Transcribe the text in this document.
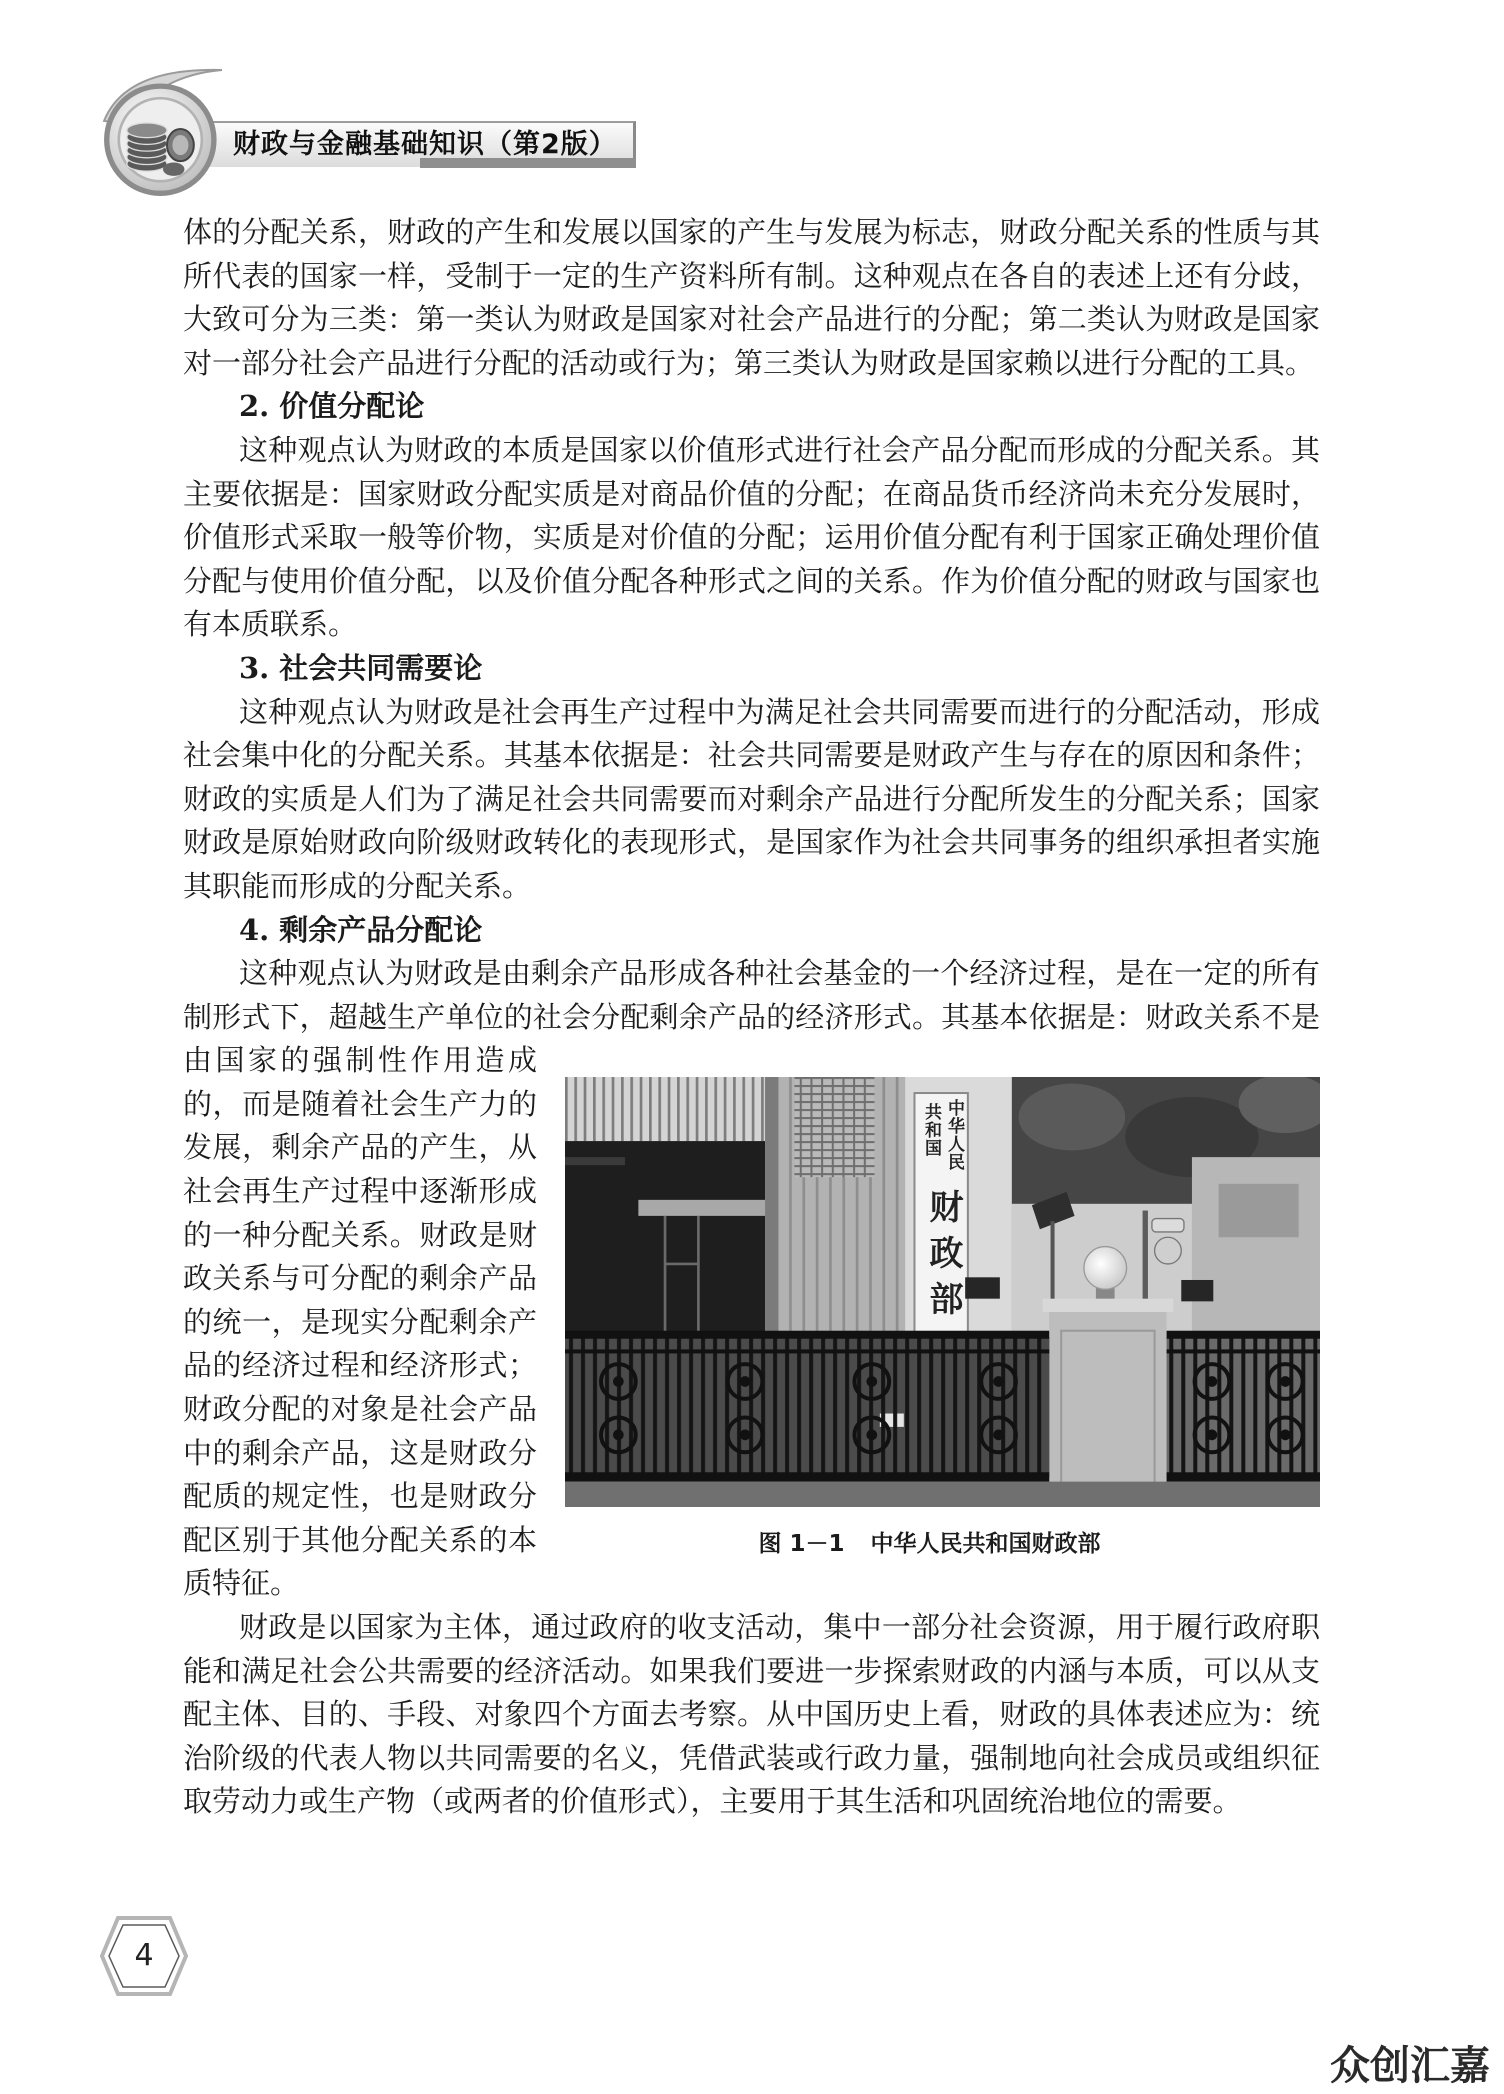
财政与金融基础知识（第2版）
体的分配关系，财政的产生和发展以国家的产生与发展为标志，财政分配关系的性质与其
所代表的国家一样，受制于一定的生产资料所有制。这种观点在各自的表述上还有分歧，
大致可分为三类：第一类认为财政是国家对社会产品进行的分配；第二类认为财政是国家
对一部分社会产品进行分配的活动或行为；第三类认为财政是国家赖以进行分配的工具。
2. 价值分配论
这种观点认为财政的本质是国家以价值形式进行社会产品分配而形成的分配关系。其
主要依据是：国家财政分配实质是对商品价值的分配；在商品货币经济尚未充分发展时，
价值形式采取一般等价物，实质是对价值的分配；运用价值分配有利于国家正确处理价值
分配与使用价值分配，以及价值分配各种形式之间的关系。作为价值分配的财政与国家也
有本质联系。
3. 社会共同需要论
这种观点认为财政是社会再生产过程中为满足社会共同需要而进行的分配活动，形成
社会集中化的分配关系。其基本依据是：社会共同需要是财政产生与存在的原因和条件；
财政的实质是人们为了满足社会共同需要而对剩余产品进行分配所发生的分配关系；国家
财政是原始财政向阶级财政转化的表现形式，是国家作为社会共同事务的组织承担者实施
其职能而形成的分配关系。
4. 剩余产品分配论
这种观点认为财政是由剩余产品形成各种社会基金的一个经济过程，是在一定的所有
制形式下，超越生产单位的社会分配剩余产品的经济形式。其基本依据是：财政关系不是
由国家的强制性作用造成
的，而是随着社会生产力的
发展，剩余产品的产生，从
社会再生产过程中逐渐形成
的一种分配关系。财政是财
政关系与可分配的剩余产品
的统一，是现实分配剩余产
品的经济过程和经济形式；
财政分配的对象是社会产品
中的剩余产品，这是财政分
配质的规定性，也是财政分
配区别于其他分配关系的本
质特征。
财政是以国家为主体，通过政府的收支活动，集中一部分社会资源，用于履行政府职
能和满足社会公共需要的经济活动。如果我们要进一步探索财政的内涵与本质，可以从支
配主体、目的、手段、对象四个方面去考察。从中国历史上看，财政的具体表述应为：统
治阶级的代表人物以共同需要的名义，凭借武装或行政力量，强制地向社会成员或组织征
取劳动力或生产物（或两者的价值形式），主要用于其生活和巩固统治地位的需要。
中华人民
共和国
财政部
图 1－1 中华人民共和国财政部
4
众创汇嘉
